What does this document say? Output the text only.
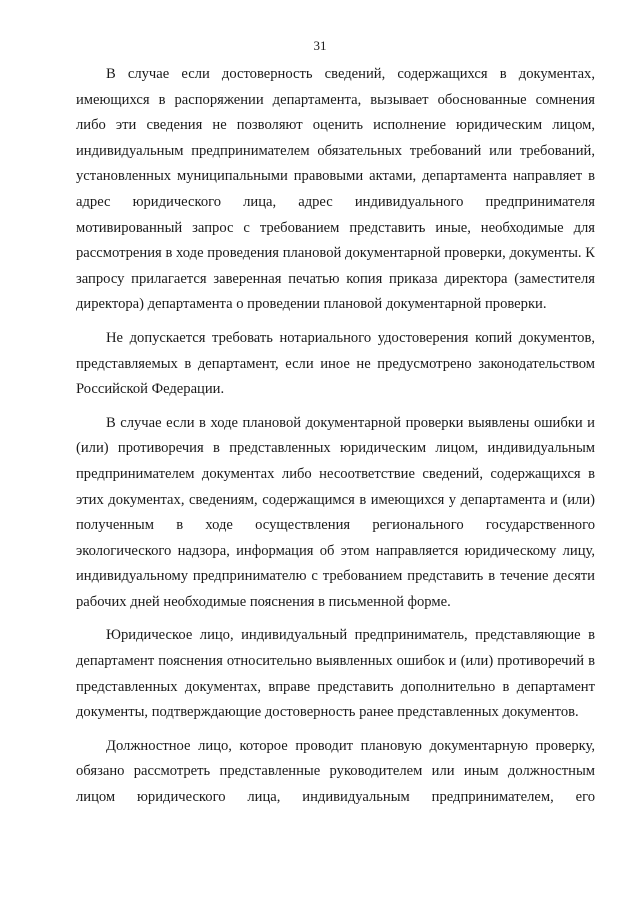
31

В случае если достоверность сведений, содержащихся в документах, имеющихся в распоряжении департамента, вызывает обоснованные сомнения либо эти сведения не позволяют оценить исполнение юридическим лицом, индивидуальным предпринимателем обязательных требований или требований, установленных муниципальными правовыми актами, департамента направляет в адрес юридического лица, адрес индивидуального предпринимателя мотивированный запрос с требованием представить иные, необходимые для рассмотрения в ходе проведения плановой документарной проверки, документы. К запросу прилагается заверенная печатью копия приказа директора (заместителя директора) департамента о проведении плановой документарной проверки.

Не допускается требовать нотариального удостоверения копий документов, представляемых в департамент, если иное не предусмотрено законодательством Российской Федерации.

В случае если в ходе плановой документарной проверки выявлены ошибки и (или) противоречия в представленных юридическим лицом, индивидуальным предпринимателем документах либо несоответствие сведений, содержащихся в этих документах, сведениям, содержащимся в имеющихся у департамента и (или) полученным в ходе осуществления регионального государственного экологического надзора, информация об этом направляется юридическому лицу, индивидуальному предпринимателю с требованием представить в течение десяти рабочих дней необходимые пояснения в письменной форме.

Юридическое лицо, индивидуальный предприниматель, представляющие в департамент пояснения относительно выявленных ошибок и (или) противоречий в представленных документах, вправе представить дополнительно в департамент документы, подтверждающие достоверность ранее представленных документов.

Должностное лицо, которое проводит плановую документарную проверку, обязано рассмотреть представленные руководителем или иным должностным лицом юридического лица, индивидуальным предпринимателем, его
